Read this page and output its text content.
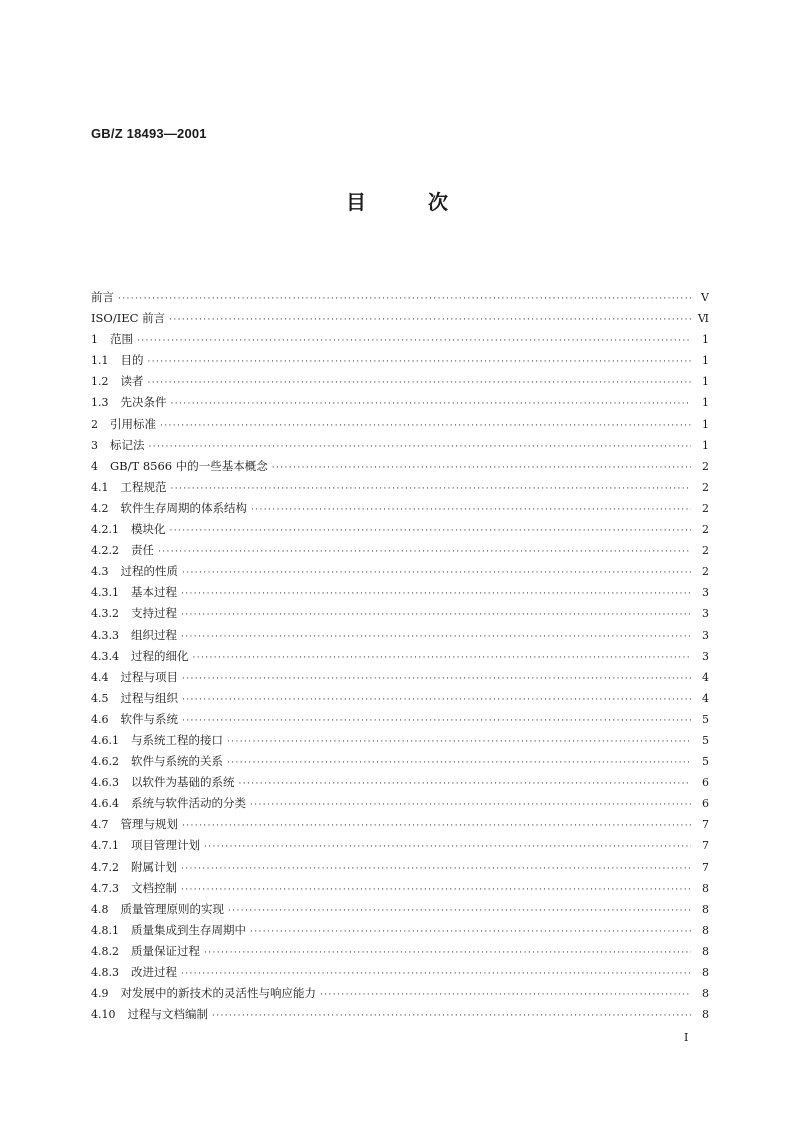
GB/Z 18493—2001
目次
前言 ·····	Ⅴ
ISO/IEC 前言 ·····	Ⅵ
1 范围 ·····	1
1.1 目的 ·····	1
1.2 读者 ·····	1
1.3 先决条件 ·····	1
2 引用标准 ·····	1
3 标记法 ·····	1
4 GB/T 8566 中的一些基本概念 ·····	2
4.1 工程规范 ·····	2
4.2 软件生存周期的体系结构 ·····	2
4.2.1 模块化 ·····	2
4.2.2 责任 ·····	2
4.3 过程的性质 ·····	2
4.3.1 基本过程 ·····	3
4.3.2 支持过程 ·····	3
4.3.3 组织过程 ·····	3
4.3.4 过程的细化 ·····	3
4.4 过程与项目 ·····	4
4.5 过程与组织 ·····	4
4.6 软件与系统 ·····	5
4.6.1 与系统工程的接口 ·····	5
4.6.2 软件与系统的关系 ·····	5
4.6.3 以软件为基础的系统 ·····	6
4.6.4 系统与软件活动的分类 ·····	6
4.7 管理与规划 ·····	7
4.7.1 项目管理计划 ·····	7
4.7.2 附属计划 ·····	7
4.7.3 文档控制 ·····	8
4.8 质量管理原则的实现 ·····	8
4.8.1 质量集成到生存周期中 ·····	8
4.8.2 质量保证过程 ·····	8
4.8.3 改进过程 ·····	8
4.9 对发展中的新技术的灵活性与响应能力 ·····	8
4.10 过程与文档编制 ·····	8
Ⅰ
